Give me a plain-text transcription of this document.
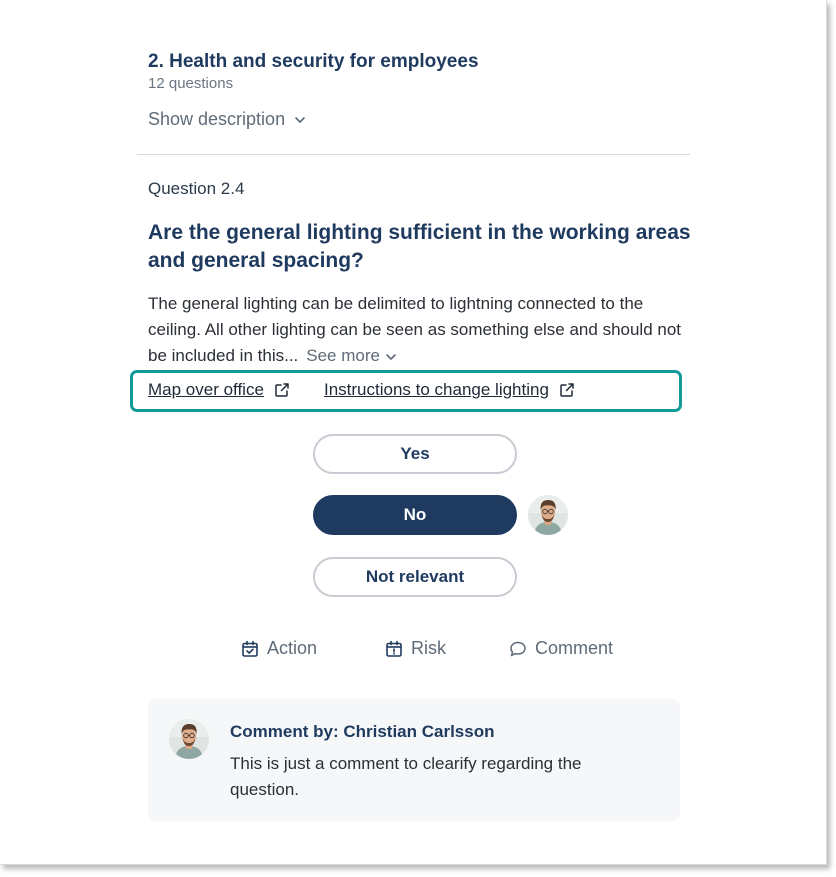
2. Health and security for employees
12 questions
Show description
Question 2.4
Are the general lighting sufficient in the working areas and general spacing?

The general lighting can be delimited to lightning connected to the ceiling. All other lighting can be seen as something else and should not be included in this... See more

Map over office	Instructions to change lighting
Yes
No
Not relevant
Action	Risk	Comment
Comment by: Christian Carlsson

This is just a comment to clearify regarding the question.
